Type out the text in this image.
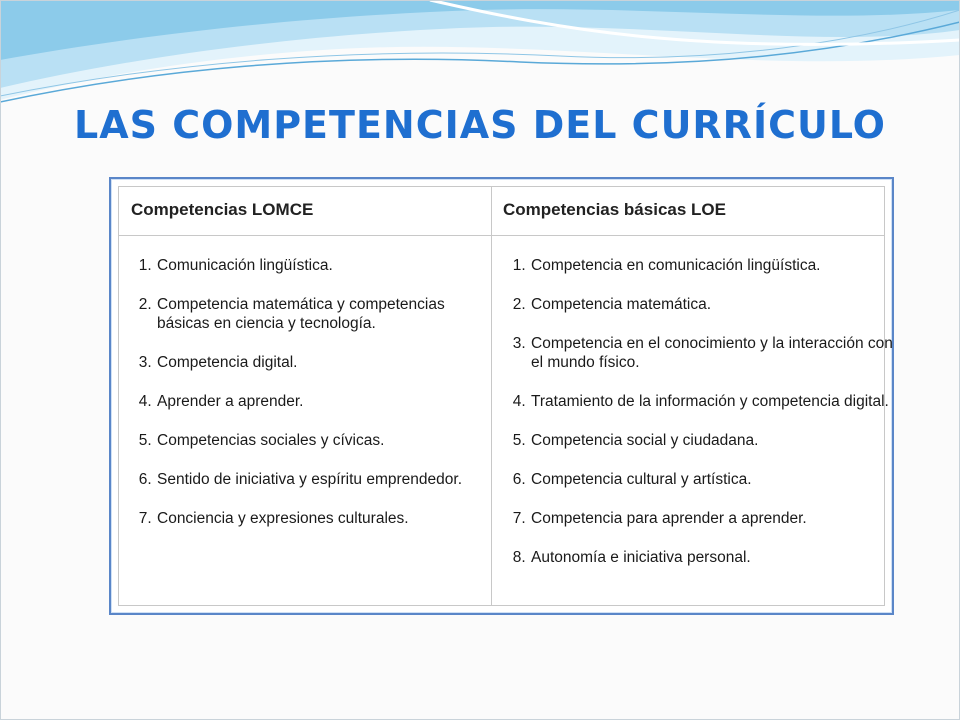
LAS COMPETENCIAS DEL CURRÍCULO
Competencias LOMCE	Competencias básicas LOE
1. Comunicación lingüística.
2. Competencia matemática y competencias básicas en ciencia y tecnología.
3. Competencia digital.
4. Aprender a aprender.
5. Competencias sociales y cívicas.
6. Sentido de iniciativa y espíritu emprendedor.
7. Conciencia y expresiones culturales.
1. Competencia en comunicación lingüística.
2. Competencia matemática.
3. Competencia en el conocimiento y la interacción con el mundo físico.
4. Tratamiento de la información y competencia digital.
5. Competencia social y ciudadana.
6. Competencia cultural y artística.
7. Competencia para aprender a aprender.
8. Autonomía e iniciativa personal.
